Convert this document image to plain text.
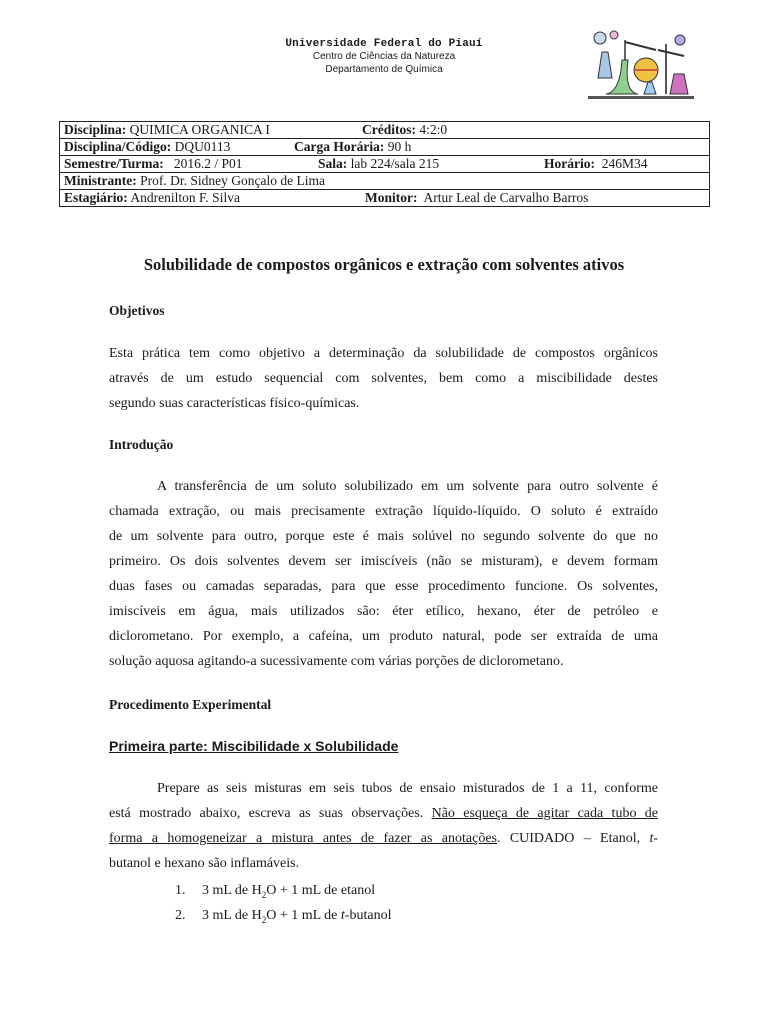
Universidade Federal do Piauí
Centro de Ciências da Natureza
Departamento de Química
Disciplina: QUIMICA ORGANICA I	Créditos: 4:2:0

Disciplina/Código: DQU0113	Carga Horária: 90 h

Semestre/Turma: 2016.2 / P01	Sala: lab 224/sala 215	Horário: 246M34

Ministrante: Prof. Dr. Sidney Gonçalo de Lima

Estagiário: Andrenilton F. Silva	Monitor: Artur Leal de Carvalho Barros
Solubilidade de compostos orgânicos e extração com solventes ativos
Objetivos
Esta prática tem como objetivo a determinação da solubilidade de compostos orgânicos
através de um estudo sequencial com solventes, bem como a miscibilidade destes
segundo suas características físico-químicas.
Introdução
A transferência de um soluto solubilizado em um solvente para outro solvente é
chamada extração, ou mais precisamente extração líquido-líquido. O soluto é extraído
de um solvente para outro, porque este é mais solúvel no segundo solvente do que no
primeiro. Os dois solventes devem ser imiscíveis (não se misturam), e devem formam
duas fases ou camadas separadas, para que esse procedimento funcione. Os solventes,
imiscíveis em água, mais utilizados são: éter etílico, hexano, éter de petróleo e
diclorometano. Por exemplo, a cafeína, um produto natural, pode ser extraída de uma
solução aquosa agitando-a sucessivamente com várias porções de diclorometano.
Procedimento Experimental
Primeira parte: Miscibilidade x Solubilidade
Prepare as seis misturas em seis tubos de ensaio misturados de 1 a 11, conforme
está mostrado abaixo, escreva as suas observações. Não esqueça de agitar cada tubo de
forma a homogeneizar a mistura antes de fazer as anotações. CUIDADO – Etanol, t-
butanol e hexano são inflamáveis.
1. 3 mL de $H_2O + 1$ mL de etanol
2. 3 mL de $H_2O + 1$ mL de t-butanol
